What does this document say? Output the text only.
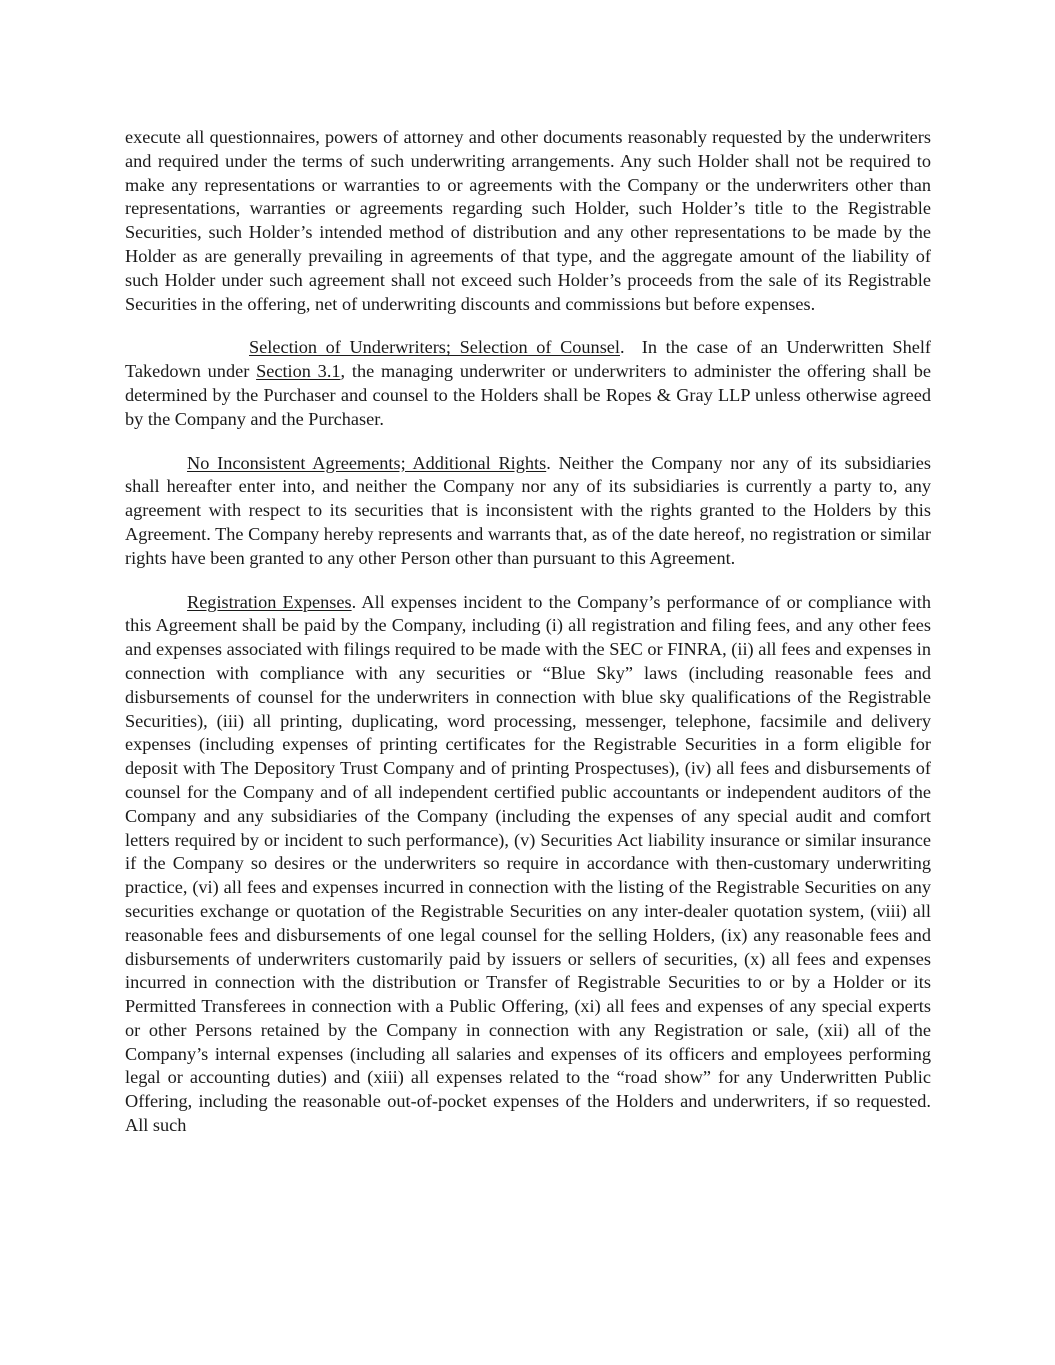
execute all questionnaires, powers of attorney and other documents reasonably requested by the underwriters and required under the terms of such underwriting arrangements. Any such Holder shall not be required to make any representations or warranties to or agreements with the Company or the underwriters other than representations, warranties or agreements regarding such Holder, such Holder’s title to the Registrable Securities, such Holder’s intended method of distribution and any other representations to be made by the Holder as are generally prevailing in agreements of that type, and the aggregate amount of the liability of such Holder under such agreement shall not exceed such Holder’s proceeds from the sale of its Registrable Securities in the offering, net of underwriting discounts and commissions but before expenses.

Selection of Underwriters; Selection of Counsel.  In the case of an Underwritten Shelf Takedown under Section 3.1, the managing underwriter or underwriters to administer the offering shall be determined by the Purchaser and counsel to the Holders shall be Ropes & Gray LLP unless otherwise agreed by the Company and the Purchaser.

No Inconsistent Agreements; Additional Rights. Neither the Company nor any of its subsidiaries shall hereafter enter into, and neither the Company nor any of its subsidiaries is currently a party to, any agreement with respect to its securities that is inconsistent with the rights granted to the Holders by this Agreement. The Company hereby represents and warrants that, as of the date hereof, no registration or similar rights have been granted to any other Person other than pursuant to this Agreement.

Registration Expenses. All expenses incident to the Company’s performance of or compliance with this Agreement shall be paid by the Company, including (i) all registration and filing fees, and any other fees and expenses associated with filings required to be made with the SEC or FINRA, (ii) all fees and expenses in connection with compliance with any securities or “Blue Sky” laws (including reasonable fees and disbursements of counsel for the underwriters in connection with blue sky qualifications of the Registrable Securities), (iii) all printing, duplicating, word processing, messenger, telephone, facsimile and delivery expenses (including expenses of printing certificates for the Registrable Securities in a form eligible for deposit with The Depository Trust Company and of printing Prospectuses), (iv) all fees and disbursements of counsel for the Company and of all independent certified public accountants or independent auditors of the Company and any subsidiaries of the Company (including the expenses of any special audit and comfort letters required by or incident to such performance), (v) Securities Act liability insurance or similar insurance if the Company so desires or the underwriters so require in accordance with then-customary underwriting practice, (vi) all fees and expenses incurred in connection with the listing of the Registrable Securities on any securities exchange or quotation of the Registrable Securities on any inter-dealer quotation system, (viii) all reasonable fees and disbursements of one legal counsel for the selling Holders, (ix) any reasonable fees and disbursements of underwriters customarily paid by issuers or sellers of securities, (x) all fees and expenses incurred in connection with the distribution or Transfer of Registrable Securities to or by a Holder or its Permitted Transferees in connection with a Public Offering, (xi) all fees and expenses of any special experts or other Persons retained by the Company in connection with any Registration or sale, (xii) all of the Company’s internal expenses (including all salaries and expenses of its officers and employees performing legal or accounting duties) and (xiii) all expenses related to the “road show” for any Underwritten Public Offering, including the reasonable out-of-pocket expenses of the Holders and underwriters, if so requested. All such
